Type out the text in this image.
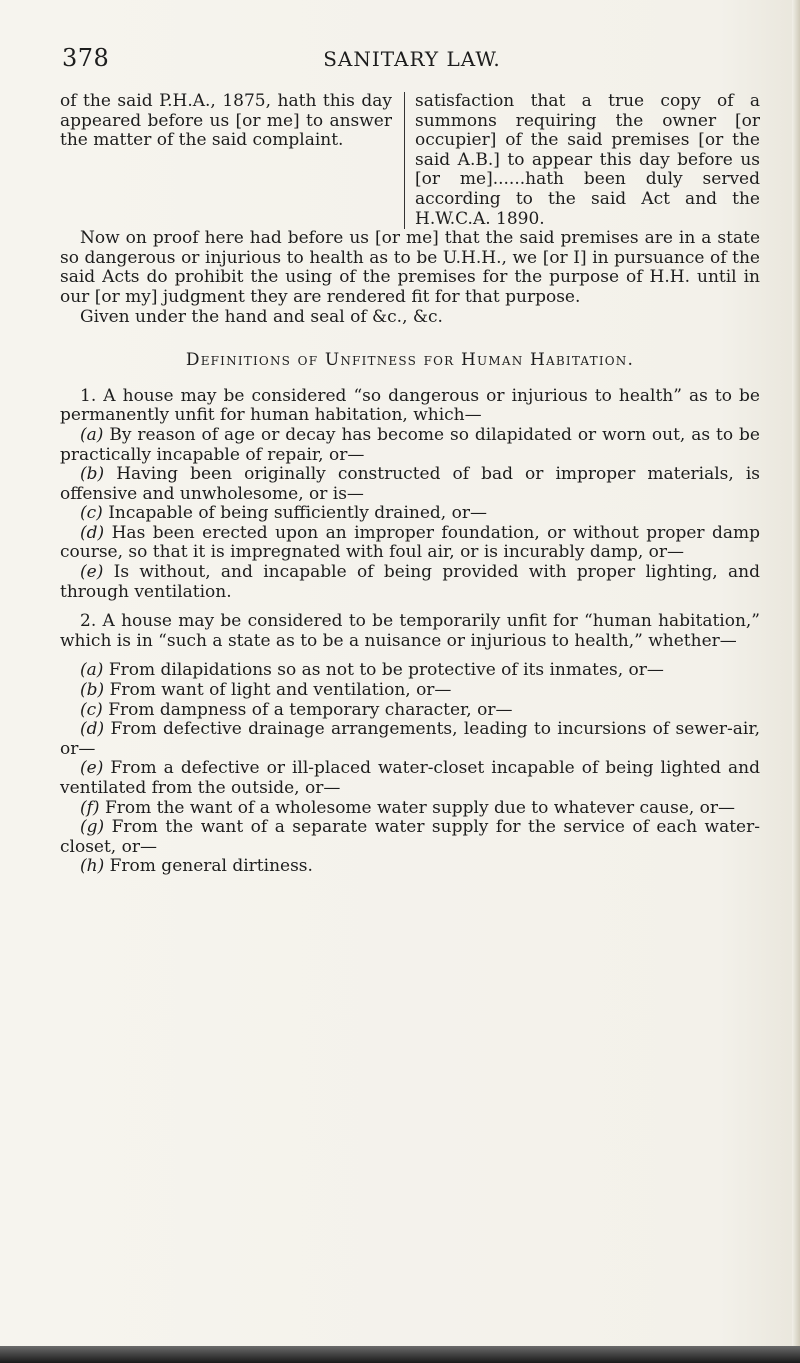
378	SANITARY LAW.
of the said P.H.A., 1875, hath this day appeared before us [or me] to answer the matter of the said complaint.
satisfaction that a true copy of a summons requiring the owner [or occupier] of the said premises [or the said A.B.] to appear this day before us [or me]......hath been duly served according to the said Act and the H.W.C.A. 1890.

Now on proof here had before us [or me] that the said premises are in a state so dangerous or injurious to health as to be U.H.H., we [or I] in pursuance of the said Acts do prohibit the using of the premises for the purpose of H.H. until in our [or my] judgment they are rendered fit for that purpose.

Given under the hand and seal of &c., &c.

Definitions of Unfitness for Human Habitation.

1. A house may be considered “so dangerous or injurious to health” as to be permanently unfit for human habitation, which—

(a) By reason of age or decay has become so dilapidated or worn out, as to be practically incapable of repair, or—

(b) Having been originally constructed of bad or improper materials, is offensive and unwholesome, or is—

(c) Incapable of being sufficiently drained, or—

(d) Has been erected upon an improper foundation, or without proper damp course, so that it is impregnated with foul air, or is incurably damp, or—

(e) Is without, and incapable of being provided with proper lighting, and through ventilation.

2. A house may be considered to be temporarily unfit for “human habitation,” which is in “such a state as to be a nuisance or injurious to health,” whether—

(a) From dilapidations so as not to be protective of its inmates, or—

(b) From want of light and ventilation, or—

(c) From dampness of a temporary character, or—

(d) From defective drainage arrangements, leading to incursions of sewer-air, or—

(e) From a defective or ill-placed water-closet incapable of being lighted and ventilated from the outside, or—

(f) From the want of a wholesome water supply due to whatever cause, or—

(g) From the want of a separate water supply for the service of each water-closet, or—

(h) From general dirtiness.
